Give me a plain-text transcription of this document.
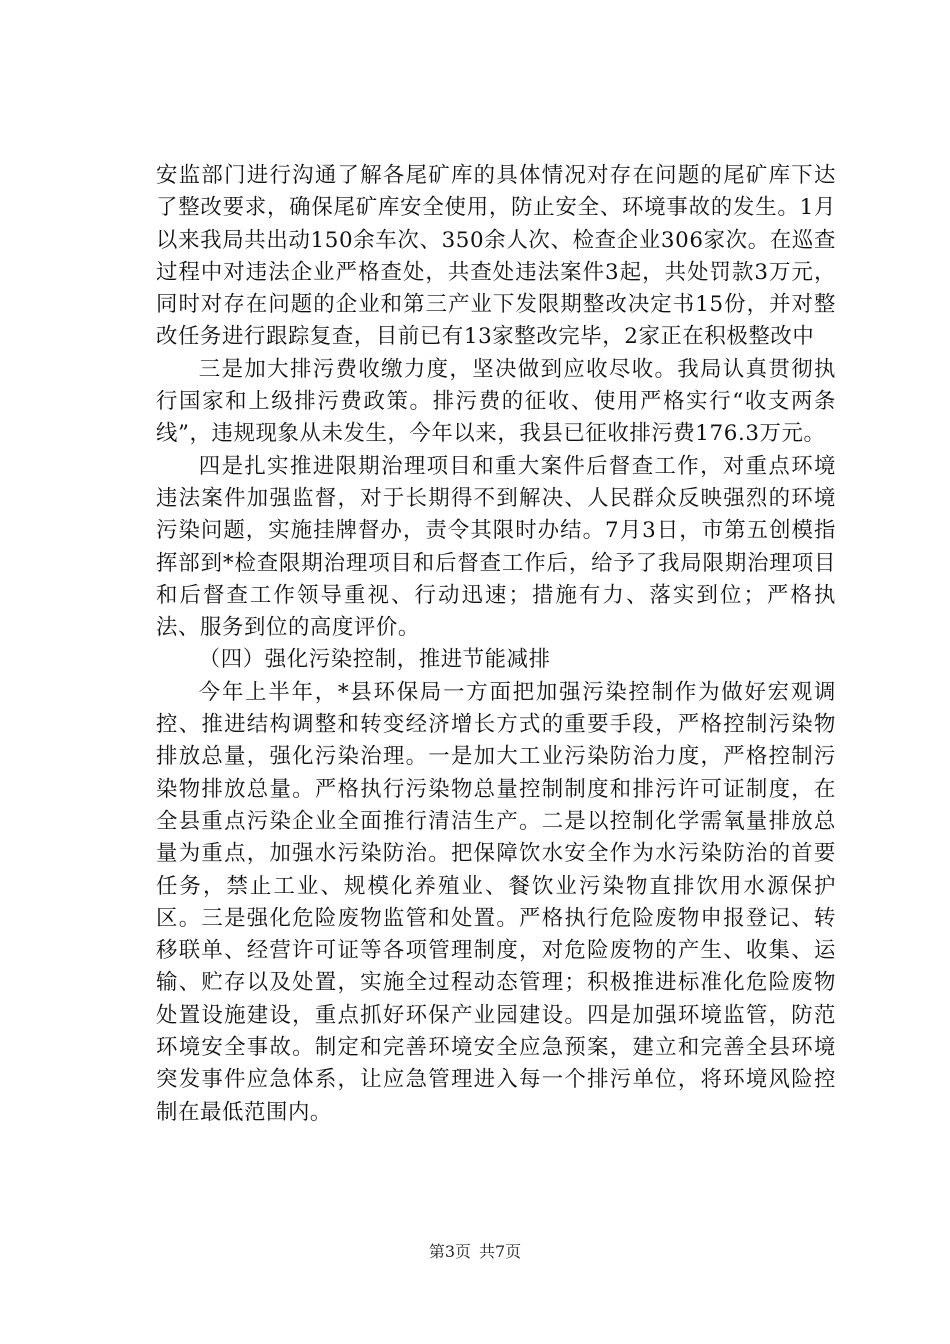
安监部门进行沟通了解各尾矿库的具体情况对存在问题的尾矿库下达了整改要求，确保尾矿库安全使用，防止安全、环境事故的发生。1月以来我局共出动150余车次、350余人次、检查企业306家次。在巡查过程中对违法企业严格查处，共查处违法案件3起，共处罚款3万元，同时对存在问题的企业和第三产业下发限期整改决定书15份，并对整改任务进行跟踪复查，目前已有13家整改完毕，2家正在积极整改中

三是加大排污费收缴力度，坚决做到应收尽收。我局认真贯彻执行国家和上级排污费政策。排污费的征收、使用严格实行“收支两条线”，违规现象从未发生，今年以来，我县已征收排污费176.3万元。

四是扎实推进限期治理项目和重大案件后督查工作，对重点环境违法案件加强监督，对于长期得不到解决、人民群众反映强烈的环境污染问题，实施挂牌督办，责令其限时办结。7月3日，市第五创模指挥部到*检查限期治理项目和后督查工作后，给予了我局限期治理项目和后督查工作领导重视、行动迅速；措施有力、落实到位；严格执法、服务到位的高度评价。

（四）强化污染控制，推进节能减排

今年上半年，*县环保局一方面把加强污染控制作为做好宏观调控、推进结构调整和转变经济增长方式的重要手段，严格控制污染物排放总量，强化污染治理。一是加大工业污染防治力度，严格控制污染物排放总量。严格执行污染物总量控制制度和排污许可证制度，在全县重点污染企业全面推行清洁生产。二是以控制化学需氧量排放总量为重点，加强水污染防治。把保障饮水安全作为水污染防治的首要任务，禁止工业、规模化养殖业、餐饮业污染物直排饮用水源保护区。三是强化危险废物监管和处置。严格执行危险废物申报登记、转移联单、经营许可证等各项管理制度，对危险废物的产生、收集、运输、贮存以及处置，实施全过程动态管理；积极推进标准化危险废物处置设施建设，重点抓好环保产业园建设。四是加强环境监管，防范环境安全事故。制定和完善环境安全应急预案，建立和完善全县环境突发事件应急体系，让应急管理进入每一个排污单位，将环境风险控制在最低范围内。

第3页 共7页
